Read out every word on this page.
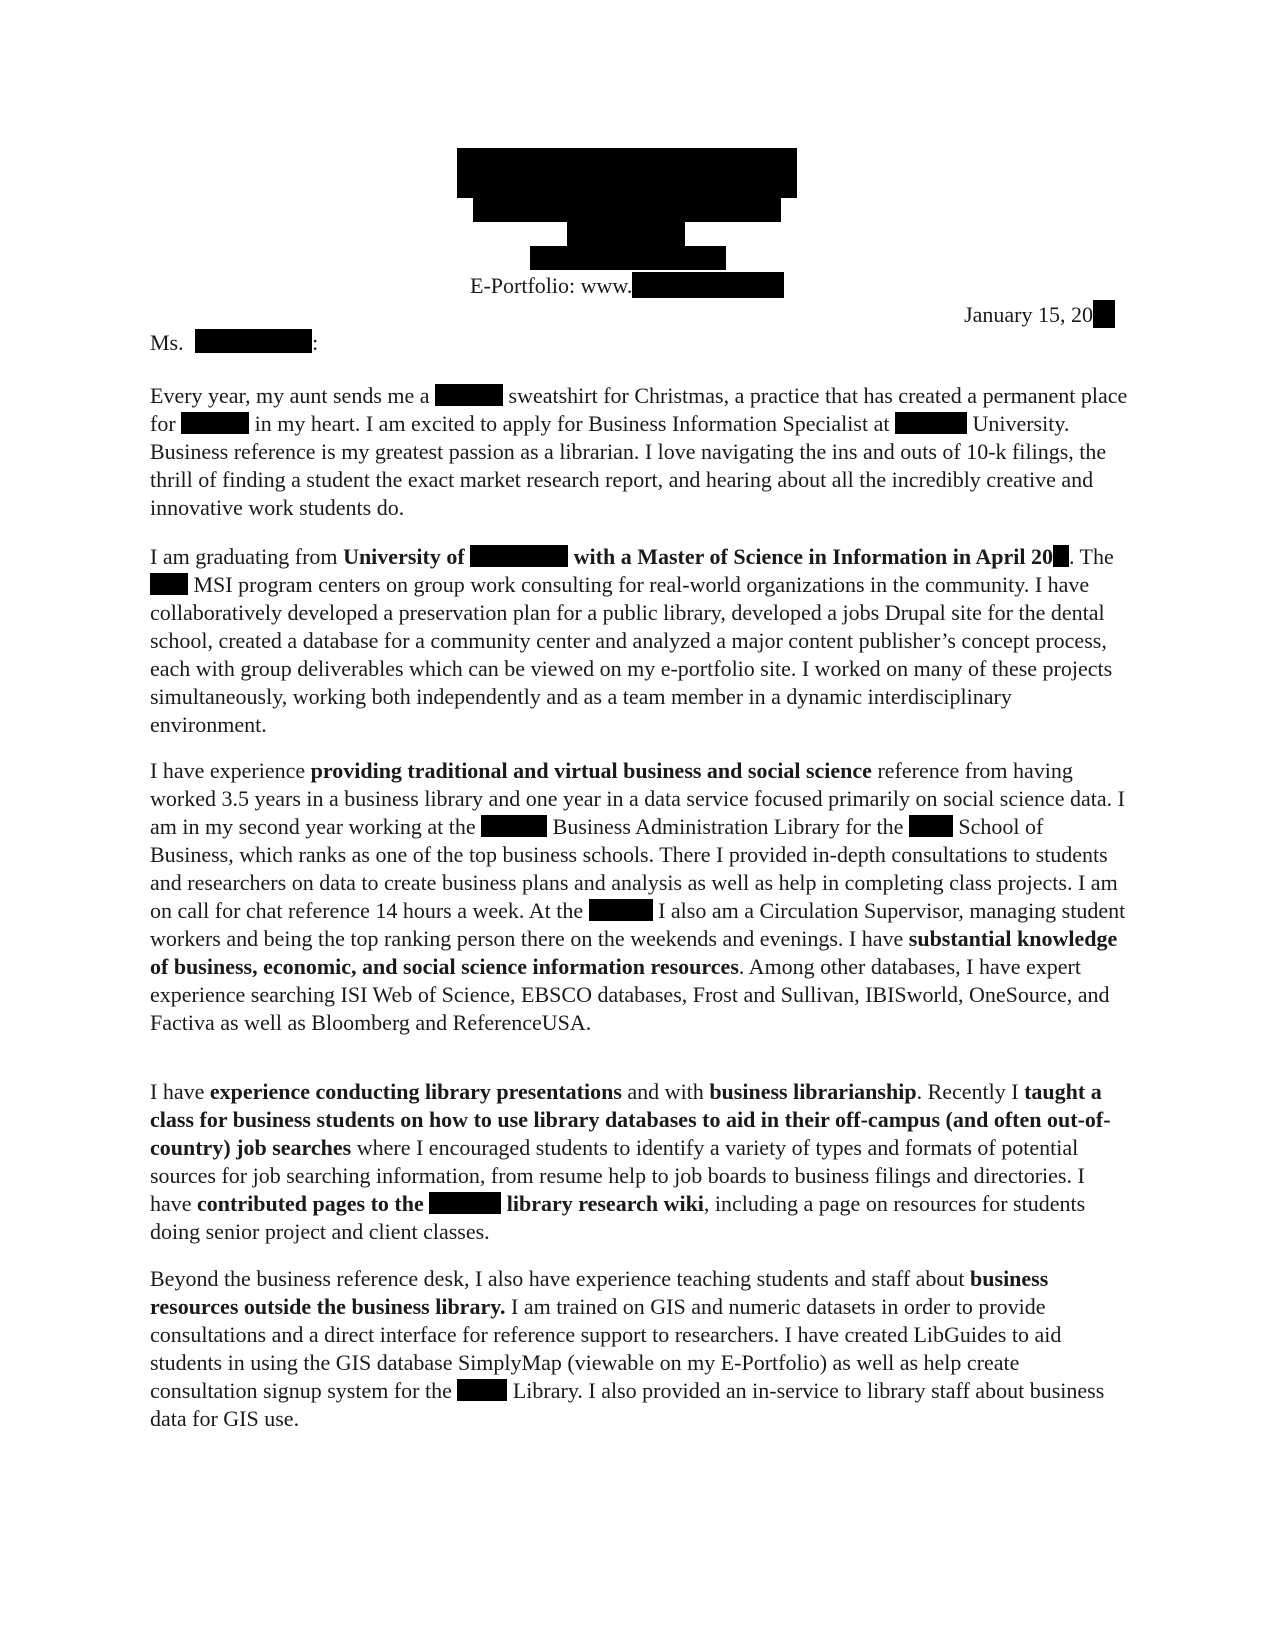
E-Portfolio: www.
January 15, 20
Ms.	:

Every year, my aunt sends me a	sweatshirt for Christmas, a practice that has created a permanent place for	in my heart. I am excited to apply for Business Information Specialist at	University. Business reference is my greatest passion as a librarian. I love navigating the ins and outs of 10-k filings, the thrill of finding a student the exact market research report, and hearing about all the incredibly creative and innovative work students do.

I am graduating from University of	with a Master of Science in Information in April 20 . The  MSI program centers on group work consulting for real-world organizations in the community. I have collaboratively developed a preservation plan for a public library, developed a jobs Drupal site for the dental school, created a database for a community center and analyzed a major content publisher’s concept process, each with group deliverables which can be viewed on my e-portfolio site. I worked on many of these projects simultaneously, working both independently and as a team member in a dynamic interdisciplinary environment.

I have experience providing traditional and virtual business and social science reference from having worked 3.5 years in a business library and one year in a data service focused primarily on social science data. I am in my second year working at the	Business Administration Library for the	School of Business, which ranks as one of the top business schools. There I provided in-depth consultations to students and researchers on data to create business plans and analysis as well as help in completing class projects. I am on call for chat reference 14 hours a week. At the	I also am a Circulation Supervisor, managing student workers and being the top ranking person there on the weekends and evenings. I have substantial knowledge of business, economic, and social science information resources. Among other databases, I have expert experience searching ISI Web of Science, EBSCO databases, Frost and Sullivan, IBISworld, OneSource, and Factiva as well as Bloomberg and ReferenceUSA.

I have experience conducting library presentations and with business librarianship. Recently I taught a class for business students on how to use library databases to aid in their off-campus (and often out-of-country) job searches where I encouraged students to identify a variety of types and formats of potential sources for job searching information, from resume help to job boards to business filings and directories. I have contributed pages to the	library research wiki, including a page on resources for students doing senior project and client classes.

Beyond the business reference desk, I also have experience teaching students and staff about business resources outside the business library. I am trained on GIS and numeric datasets in order to provide consultations and a direct interface for reference support to researchers. I have created LibGuides to aid students in using the GIS database SimplyMap (viewable on my E-Portfolio) as well as help create consultation signup system for the	Library. I also provided an in-service to library staff about business data for GIS use.
